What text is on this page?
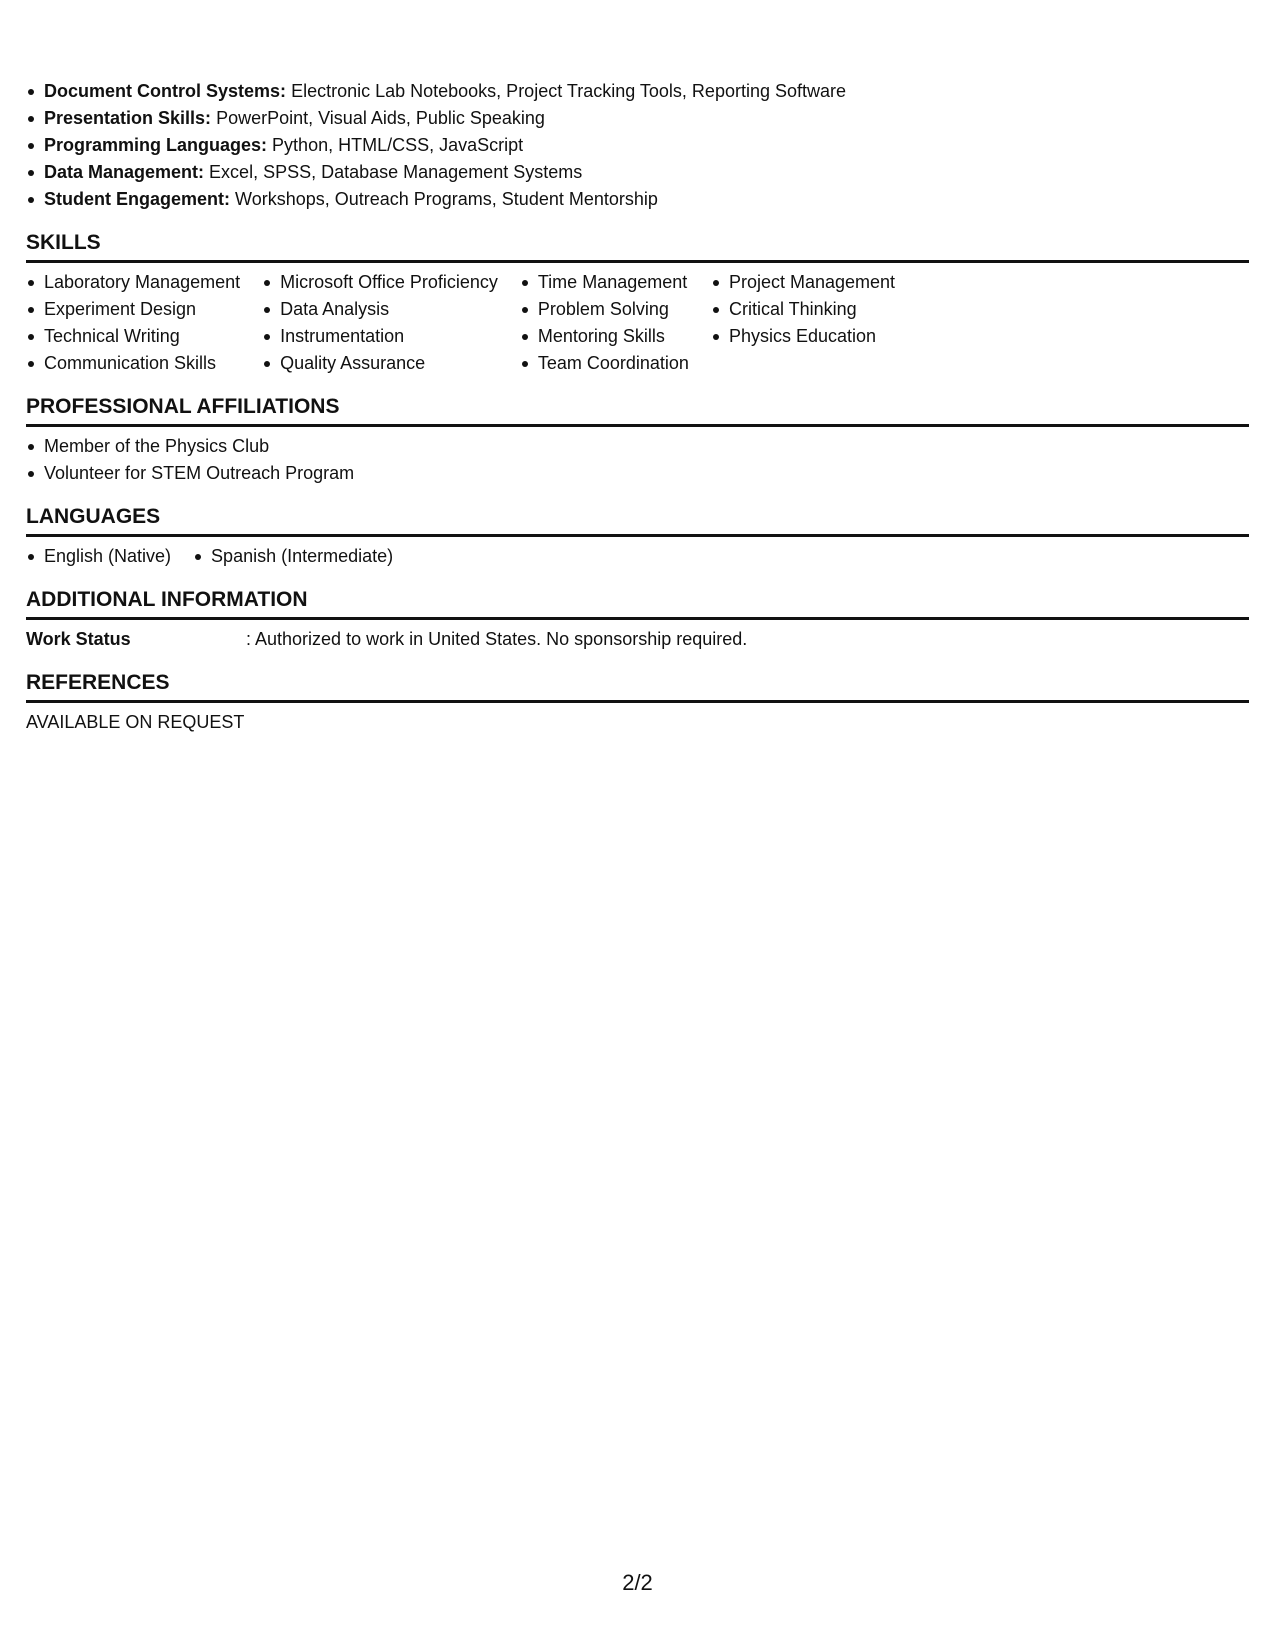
Document Control Systems: Electronic Lab Notebooks, Project Tracking Tools, Reporting Software
Presentation Skills: PowerPoint, Visual Aids, Public Speaking
Programming Languages: Python, HTML/CSS, JavaScript
Data Management: Excel, SPSS, Database Management Systems
Student Engagement: Workshops, Outreach Programs, Student Mentorship
SKILLS
Laboratory Management
Experiment Design
Technical Writing
Communication Skills
Microsoft Office Proficiency
Data Analysis
Instrumentation
Quality Assurance
Time Management
Problem Solving
Mentoring Skills
Team Coordination
Project Management
Critical Thinking
Physics Education
PROFESSIONAL AFFILIATIONS
Member of the Physics Club
Volunteer for STEM Outreach Program
LANGUAGES
English (Native)	Spanish (Intermediate)
ADDITIONAL INFORMATION
Work Status	: Authorized to work in United States. No sponsorship required.
REFERENCES
AVAILABLE ON REQUEST
2/2
